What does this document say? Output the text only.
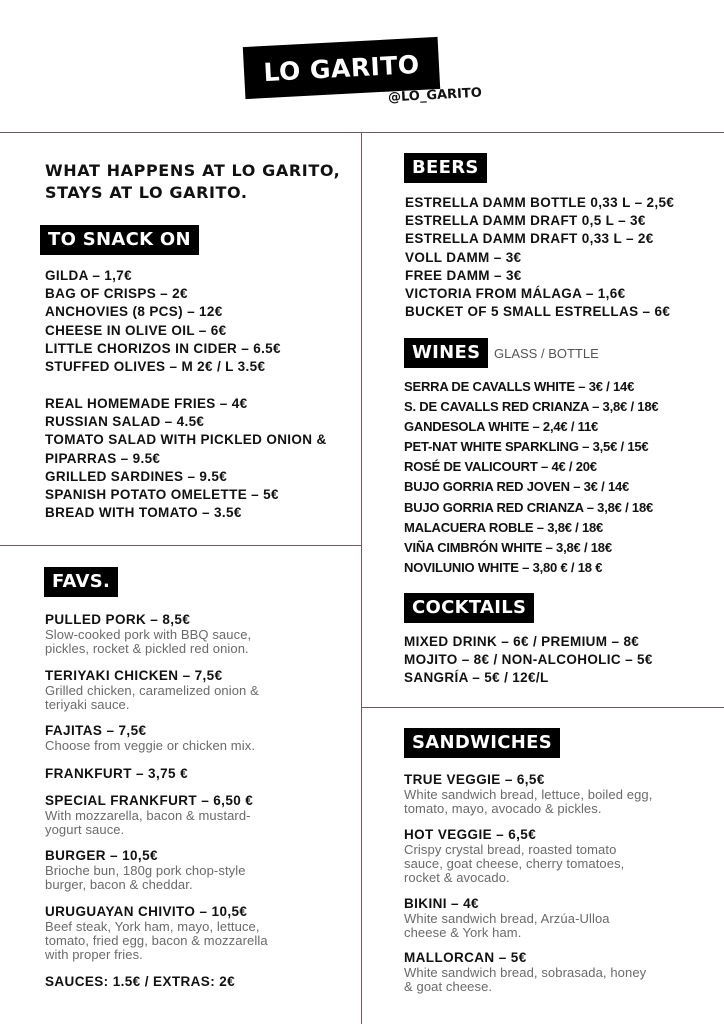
LO GARITO
@LO_GARITO
WHAT HAPPENS AT LO GARITO,
STAYS AT LO GARITO.
TO SNACK ON
GILDA – 1,7€
BAG OF CRISPS – 2€
ANCHOVIES (8 PCS) – 12€
CHEESE IN OLIVE OIL – 6€
LITTLE CHORIZOS IN CIDER – 6.5€
STUFFED OLIVES – M 2€ / L 3.5€
REAL HOMEMADE FRIES – 4€
RUSSIAN SALAD – 4.5€
TOMATO SALAD WITH PICKLED ONION &
PIPARRAS – 9.5€
GRILLED SARDINES – 9.5€
SPANISH POTATO OMELETTE – 5€
BREAD WITH TOMATO – 3.5€
FAVS.
PULLED PORK – 8,5€
Slow-cooked pork with BBQ sauce,
pickles, rocket & pickled red onion.
TERIYAKI CHICKEN – 7,5€
Grilled chicken, caramelized onion &
teriyaki sauce.
FAJITAS – 7,5€
Choose from veggie or chicken mix.
FRANKFURT – 3,75 €
SPECIAL FRANKFURT – 6,50 €
With mozzarella, bacon & mustard-
yogurt sauce.
BURGER – 10,5€
Brioche bun, 180g pork chop-style
burger, bacon & cheddar.
URUGUAYAN CHIVITO – 10,5€
Beef steak, York ham, mayo, lettuce,
tomato, fried egg, bacon & mozzarella
with proper fries.
SAUCES: 1.5€ / EXTRAS: 2€
BEERS
ESTRELLA DAMM BOTTLE 0,33 L – 2,5€
ESTRELLA DAMM DRAFT 0,5 L – 3€
ESTRELLA DAMM DRAFT 0,33 L – 2€
VOLL DAMM – 3€
FREE DAMM – 3€
VICTORIA FROM MÁLAGA – 1,6€
BUCKET OF 5 SMALL ESTRELLAS – 6€
WINES	GLASS / BOTTLE
SERRA DE CAVALLS WHITE – 3€ / 14€
S. DE CAVALLS RED CRIANZA – 3,8€ / 18€
GANDESOLA WHITE – 2,4€ / 11€
PET-NAT WHITE SPARKLING – 3,5€ / 15€
ROSÉ DE VALICOURT – 4€ / 20€
BUJO GORRIA RED JOVEN – 3€ / 14€
BUJO GORRIA RED CRIANZA – 3,8€ / 18€
MALACUERA ROBLE – 3,8€ / 18€
VIÑA CIMBRÓN WHITE – 3,8€ / 18€
NOVILUNIO WHITE – 3,80 € / 18 €
COCKTAILS
MIXED DRINK – 6€ / PREMIUM – 8€
MOJITO – 8€ / NON-ALCOHOLIC – 5€
SANGRÍA – 5€ / 12€/L
SANDWICHES
TRUE VEGGIE – 6,5€
White sandwich bread, lettuce, boiled egg,
tomato, mayo, avocado & pickles.
HOT VEGGIE – 6,5€
Crispy crystal bread, roasted tomato
sauce, goat cheese, cherry tomatoes,
rocket & avocado.
BIKINI – 4€
White sandwich bread, Arzúa-Ulloa
cheese & York ham.
MALLORCAN – 5€
White sandwich bread, sobrasada, honey
& goat cheese.
